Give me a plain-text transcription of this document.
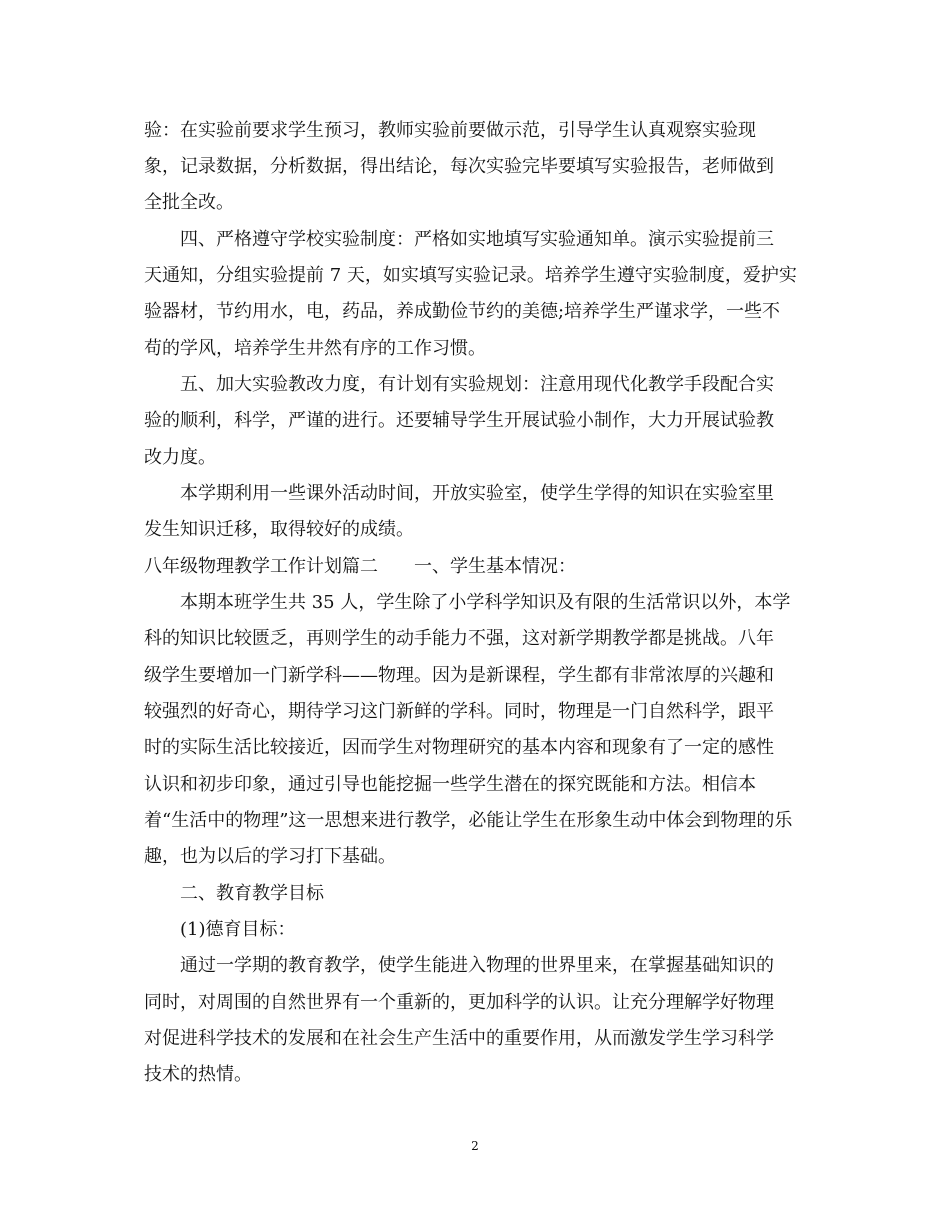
验：在实验前要求学生预习，教师实验前要做示范，引导学生认真观察实验现
象，记录数据，分析数据，得出结论，每次实验完毕要填写实验报告，老师做到
全批全改。
四、严格遵守学校实验制度：严格如实地填写实验通知单。演示实验提前三
天通知，分组实验提前 7 天，如实填写实验记录。培养学生遵守实验制度，爱护实
验器材，节约用水，电，药品，养成勤俭节约的美德;培养学生严谨求学，一些不
苟的学风，培养学生井然有序的工作习惯。
五、加大实验教改力度，有计划有实验规划：注意用现代化教学手段配合实
验的顺利，科学，严谨的进行。还要辅导学生开展试验小制作，大力开展试验教
改力度。
本学期利用一些课外活动时间，开放实验室，使学生学得的知识在实验室里
发生知识迁移，取得较好的成绩。
八年级物理教学工作计划篇二　　一、学生基本情况：
本期本班学生共 35 人，学生除了小学科学知识及有限的生活常识以外，本学
科的知识比较匮乏，再则学生的动手能力不强，这对新学期教学都是挑战。八年
级学生要增加一门新学科——物理。因为是新课程，学生都有非常浓厚的兴趣和
较强烈的好奇心，期待学习这门新鲜的学科。同时，物理是一门自然科学，跟平
时的实际生活比较接近，因而学生对物理研究的基本内容和现象有了一定的感性
认识和初步印象，通过引导也能挖掘一些学生潜在的探究既能和方法。相信本
着“生活中的物理”这一思想来进行教学，必能让学生在形象生动中体会到物理的乐
趣，也为以后的学习打下基础。
二、教育教学目标
(1)德育目标：
通过一学期的教育教学，使学生能进入物理的世界里来，在掌握基础知识的
同时，对周围的自然世界有一个重新的，更加科学的认识。让充分理解学好物理
对促进科学技术的发展和在社会生产生活中的重要作用，从而激发学生学习科学
技术的热情。
2
